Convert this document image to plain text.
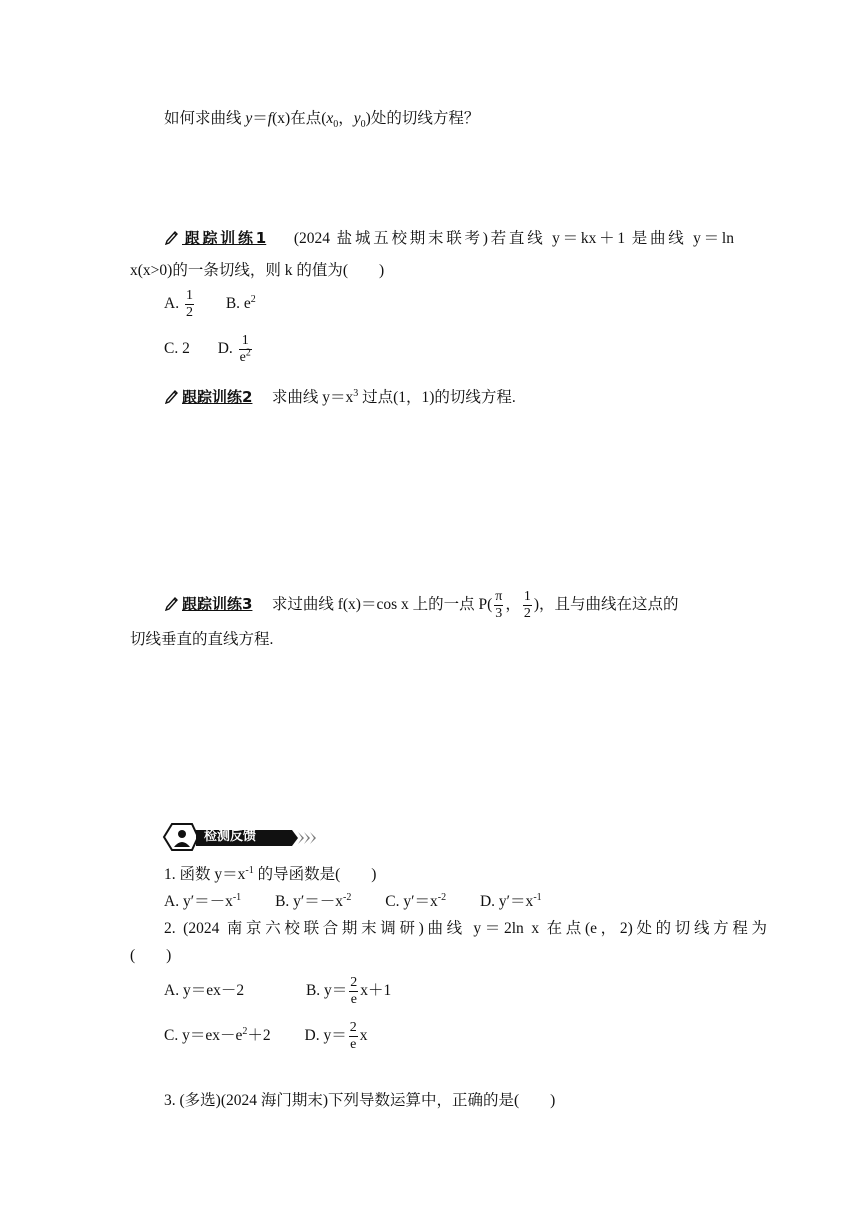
如何求曲线 y＝f(x)在点($x_0$，$y_0$)处的切线方程？
跟踪训练1　 (2024 盐城五校期末联考)若直线 y＝kx＋1 是曲线 y＝ln
x(x>0)的一条切线，则 k 的值为(　　)
A. $\frac{1}{2} B$. $e^2$
C. 2 D. $\frac{1}{e^2}$
跟踪训练2　 求曲线 $y=x^3$ 过点(1，1)的切线方程.
跟踪训练3　 求过曲线 f(x)＝cos x 上的一点 $P( \frac{\pi}{3}$ ， $\frac{1}{2}$ )，且与曲线在这点的
切线垂直的直线方程.
检测反馈
1. 函数 $y=x^{-1}$ 的导函数是(　　)
A. $y'=-x^{-1}$ B. $y'=-x^{-2}$ C. $y'=x^{-2}$ D. $y'=x^{-1}$
2. (2024 南京六校联合期末调研)曲线 y＝2ln x 在点(e，2)处的切线方程为
(　　)
A. y＝ex－2	B. $y= \frac{2}{e} x+1$
C. $y=ex-e^2+2$ D. $y= \frac{2}{e}$ x
3. (多选)(2024 海门期末)下列导数运算中，正确的是(　　)
